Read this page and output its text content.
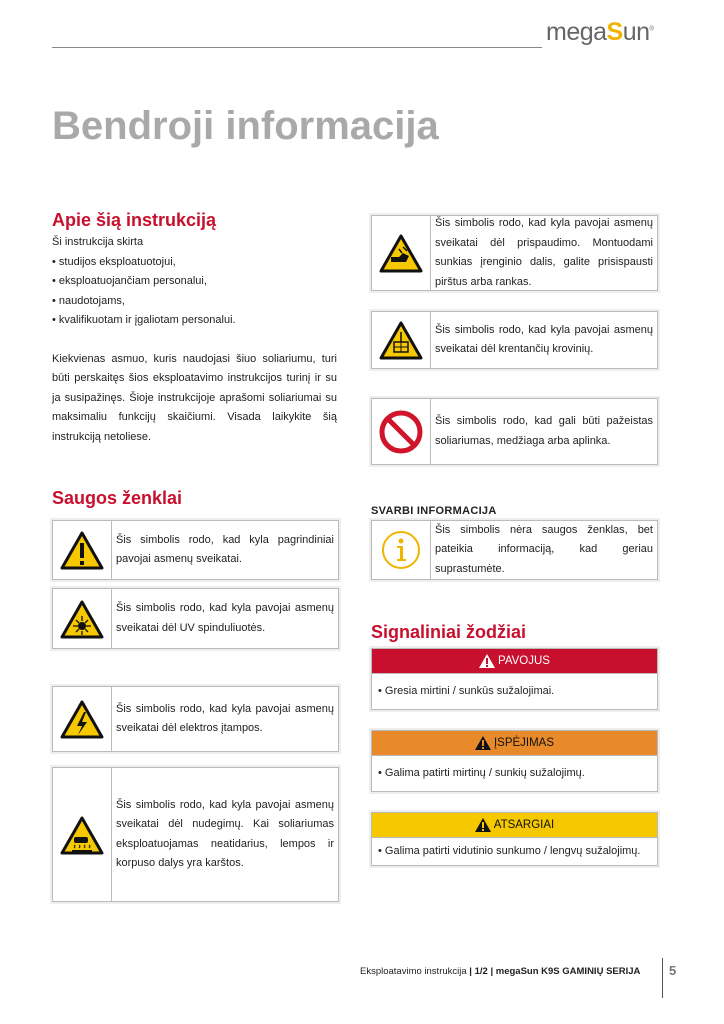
megaSun®
Bendroji informacija
Apie šią instrukciją
Ši instrukcija skirta
• studijos eksploatuotojui,
• eksploatuojančiam personalui,
• naudotojams,
• kvalifikuotam ir įgaliotam personalui.
Kiekvienas asmuo, kuris naudojasi šiuo soliariumu, turi būti perskaitęs šios eksploatavimo instrukcijos turinį ir su ja susipažinęs. Šioje instrukcijoje aprašomi soliariumai su maksimaliu funkcijų skaičiumi. Visada laikykite šią instrukciją netoliese.
Saugos ženklai
Šis simbolis rodo, kad kyla pagrindiniai pavojai asmenų sveikatai.
Šis simbolis rodo, kad kyla pavojai asmenų sveikatai dėl UV spinduliuotės.
Šis simbolis rodo, kad kyla pavojai asmenų sveikatai dėl elektros įtampos.
Šis simbolis rodo, kad kyla pavojai asmenų sveikatai dėl nudegimų. Kai soliariumas eksploatuojamas neatidarius, lempos ir korpuso dalys yra karštos.
Šis simbolis rodo, kad kyla pavojai asmenų sveikatai dėl prispaudimo. Montuodami sunkias įrenginio dalis, galite prisispausti pirštus arba rankas.
Šis simbolis rodo, kad kyla pavojai asmenų sveikatai dėl krentančių krovinių.
Šis simbolis rodo, kad gali būti pažeistas soliariumas, medžiaga arba aplinka.
SVARBI INFORMACIJA
Šis simbolis nėra saugos ženklas, bet pateikia informaciją, kad geriau suprastumėte.
Signaliniai žodžiai
PAVOJUS
• Gresia mirtini / sunkūs sužalojimai.
ĮSPĖJIMAS
• Galima patirti mirtinų / sunkių sužalojimų.
ATSARGIAI
• Galima patirti vidutinio sunkumo / lengvų sužalojimų.
Eksploatavimo instrukcija | 1/2 | megaSun K9S GAMINIŲ SERIJA 5
